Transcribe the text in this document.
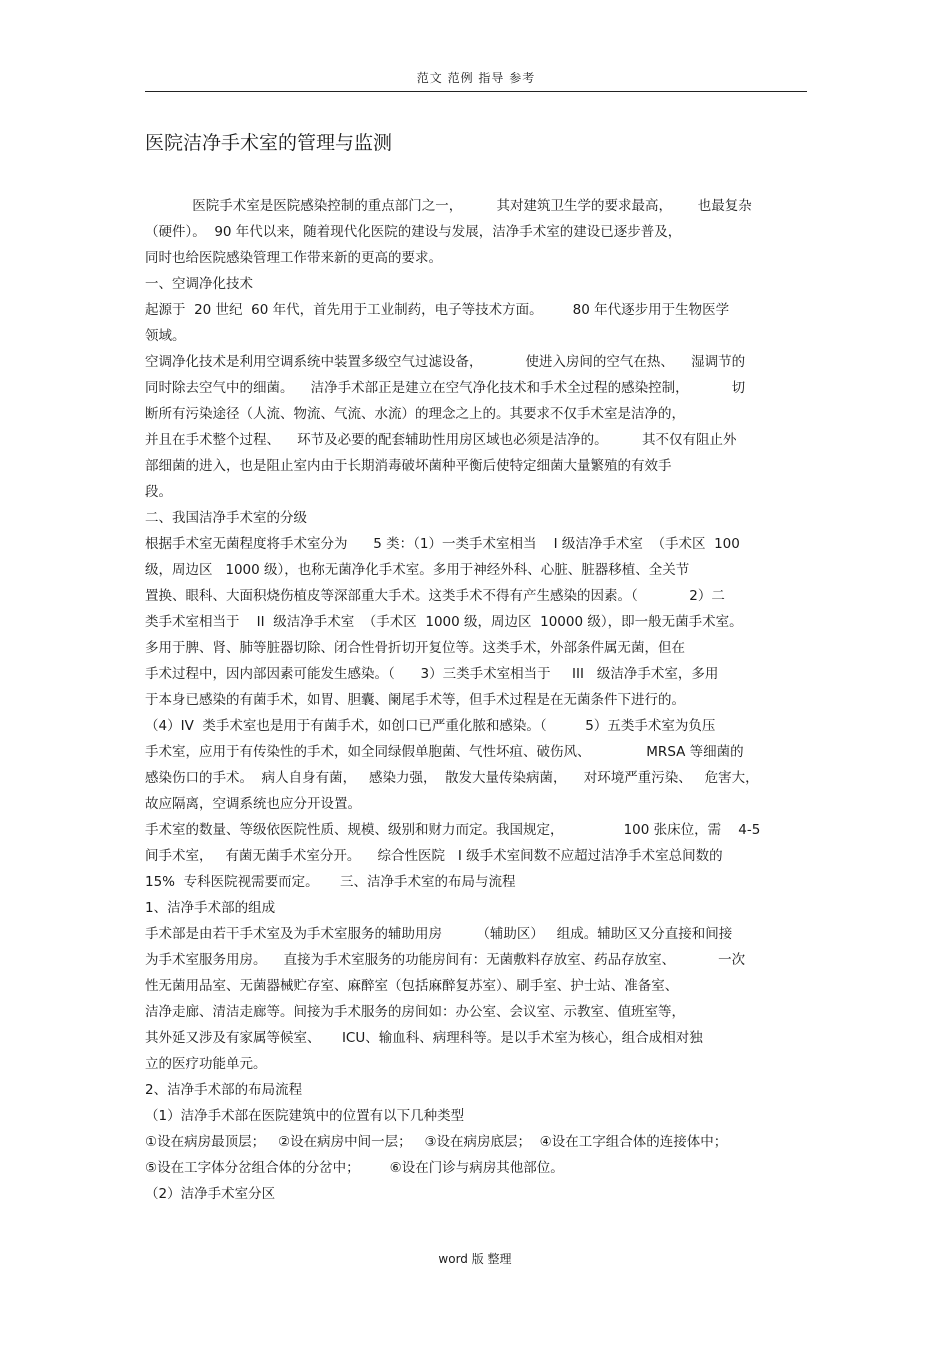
范文 范例 指导 参考
医院洁净手术室的管理与监测
医院手术室是医院感染控制的重点部门之一，        其对建筑卫生学的要求最高，      也最复杂
（硬件）。  90 年代以来，随着现代化医院的建设与发展，洁净手术室的建设已逐步普及，
同时也给医院感染管理工作带来新的更高的要求。
一、空调净化技术
起源于  20 世纪  60 年代，首先用于工业制药，电子等技术方面。       80 年代逐步用于生物医学
领域。
空调净化技术是利用空调系统中装置多级空气过滤设备，          使进入房间的空气在热、    湿调节的
同时除去空气中的细菌。    洁净手术部正是建立在空气净化技术和手术全过程的感染控制，          切
断所有污染途径（人流、物流、气流、水流）的理念之上的。其要求不仅手术室是洁净的，
并且在手术整个过程、    环节及必要的配套辅助性用房区域也必须是洁净的。        其不仅有阻止外
部细菌的进入，也是阻止室内由于长期消毒破坏菌种平衡后使特定细菌大量繁殖的有效手
段。
二、我国洁净手术室的分级
根据手术室无菌程度将手术室分为      5 类：（1）一类手术室相当    I 级洁净手术室  （手术区  100
级，周边区   1000 级），也称无菌净化手术室。多用于神经外科、心脏、脏器移植、全关节
置换、眼科、大面积烧伤植皮等深部重大手术。这类手术不得有产生感染的因素。（            2）二
类手术室相当于    II  级洁净手术室  （手术区  1000 级，周边区  10000 级），即一般无菌手术室。
多用于脾、肾、肺等脏器切除、闭合性骨折切开复位等。这类手术，外部条件属无菌，但在
手术过程中，因内部因素可能发生感染。（      3）三类手术室相当于     III   级洁净手术室，多用
于本身已感染的有菌手术，如胃、胆囊、阑尾手术等，但手术过程是在无菌条件下进行的。
（4）IV  类手术室也是用于有菌手术，如创口已严重化脓和感染。（         5）五类手术室为负压
手术室，应用于有传染性的手术，如全同绿假单胞菌、气性坏疽、破伤风、             MRSA 等细菌的
感染伤口的手术。  病人自身有菌，   感染力强，  散发大量传染病菌，    对环境严重污染、   危害大，
故应隔离，空调系统也应分开设置。
手术室的数量、等级依医院性质、规模、级别和财力而定。我国规定，              100 张床位，需    4-5
间手术室，   有菌无菌手术室分开。    综合性医院   I 级手术室间数不应超过洁净手术室总间数的
15%  专科医院视需要而定。     三、洁净手术室的布局与流程
1、洁净手术部的组成
手术部是由若干手术室及为手术室服务的辅助用房        （辅助区）   组成。辅助区又分直接和间接
为手术室服务用房。    直接为手术室服务的功能房间有：无菌敷料存放室、药品存放室、          一次
性无菌用品室、无菌器械贮存室、麻醉室（包括麻醉复苏室）、刷手室、护士站、准备室、
洁净走廊、清洁走廊等。间接为手术服务的房间如：办公室、会议室、示教室、值班室等，
其外延又涉及有家属等候室、     ICU、输血科、病理科等。是以手术室为核心，组合成相对独
立的医疗功能单元。
2、洁净手术部的布局流程
（1）洁净手术部在医院建筑中的位置有以下几种类型
①设在病房最顶层；   ②设在病房中间一层；   ③设在病房底层；  ④设在工字组合体的连接体中；
⑤设在工字体分岔组合体的分岔中；       ⑥设在门诊与病房其他部位。
（2）洁净手术室分区
word 版 整理
